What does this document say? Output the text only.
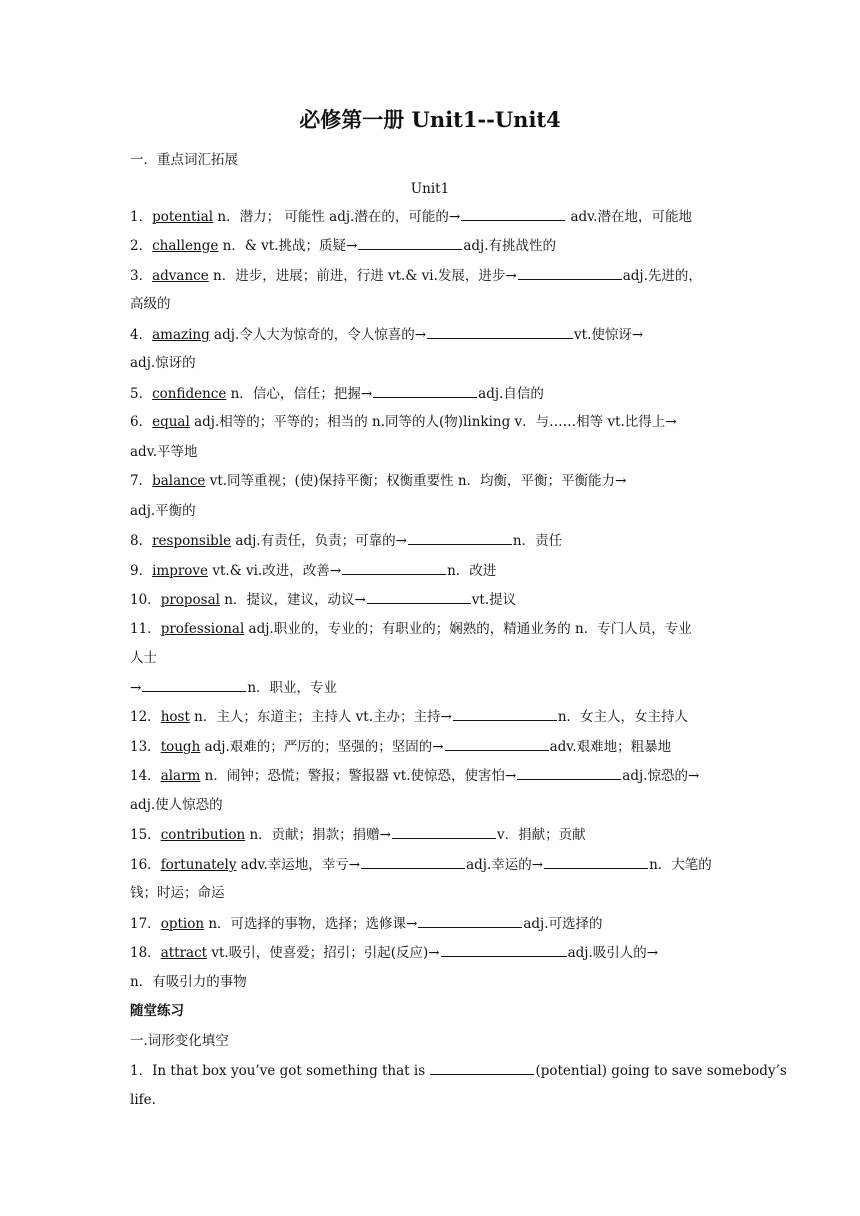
必修第一册 Unit1--Unit4
一．重点词汇拓展
Unit1
1．potential n．潜力； 可能性 adj.潜在的，可能的→	adv.潜在地，可能地
2．challenge n．& vt.挑战；质疑→	adj.有挑战性的
3．advance n．进步，进展；前进，行进 vt.& vi.发展，进步→	adj.先进的，
高级的
4．amazing adj.令人大为惊奇的，令人惊喜的→	vt.使惊讶→
adj.惊讶的
5．confidence n．信心，信任；把握→	adj.自信的
6．equal adj.相等的；平等的；相当的 n.同等的人(物)linking v．与……相等 vt.比得上→
adv.平等地
7．balance vt.同等重视；(使)保持平衡；权衡重要性 n．均衡，平衡；平衡能力→
adj.平衡的
8．responsible adj.有责任，负责；可靠的→	n．责任
9．improve vt.& vi.改进，改善→	n．改进
10．proposal n．提议，建议，动议→	vt.提议
11．professional adj.职业的，专业的；有职业的；娴熟的，精通业务的 n．专门人员，专业
人士
→	n．职业，专业
12．host n．主人；东道主；主持人 vt.主办；主持→	n．女主人，女主持人
13．tough adj.艰难的；严厉的；坚强的；坚固的→	adv.艰难地；粗暴地
14．alarm n．闹钟；恐慌；警报；警报器 vt.使惊恐，使害怕→	adj.惊恐的→
adj.使人惊恐的
15．contribution n．贡献；捐款；捐赠→	v．捐献；贡献
16．fortunately adv.幸运地，幸亏→	adj.幸运的→	n．大笔的
钱；时运；命运
17．option n．可选择的事物，选择；选修课→	adj.可选择的
18．attract vt.吸引，使喜爱；招引；引起(反应)→	adj.吸引人的→
n．有吸引力的事物
随堂练习
一.词形变化填空
1．In that box you’ve got something that is	(potential) going to save somebody’s
life.
